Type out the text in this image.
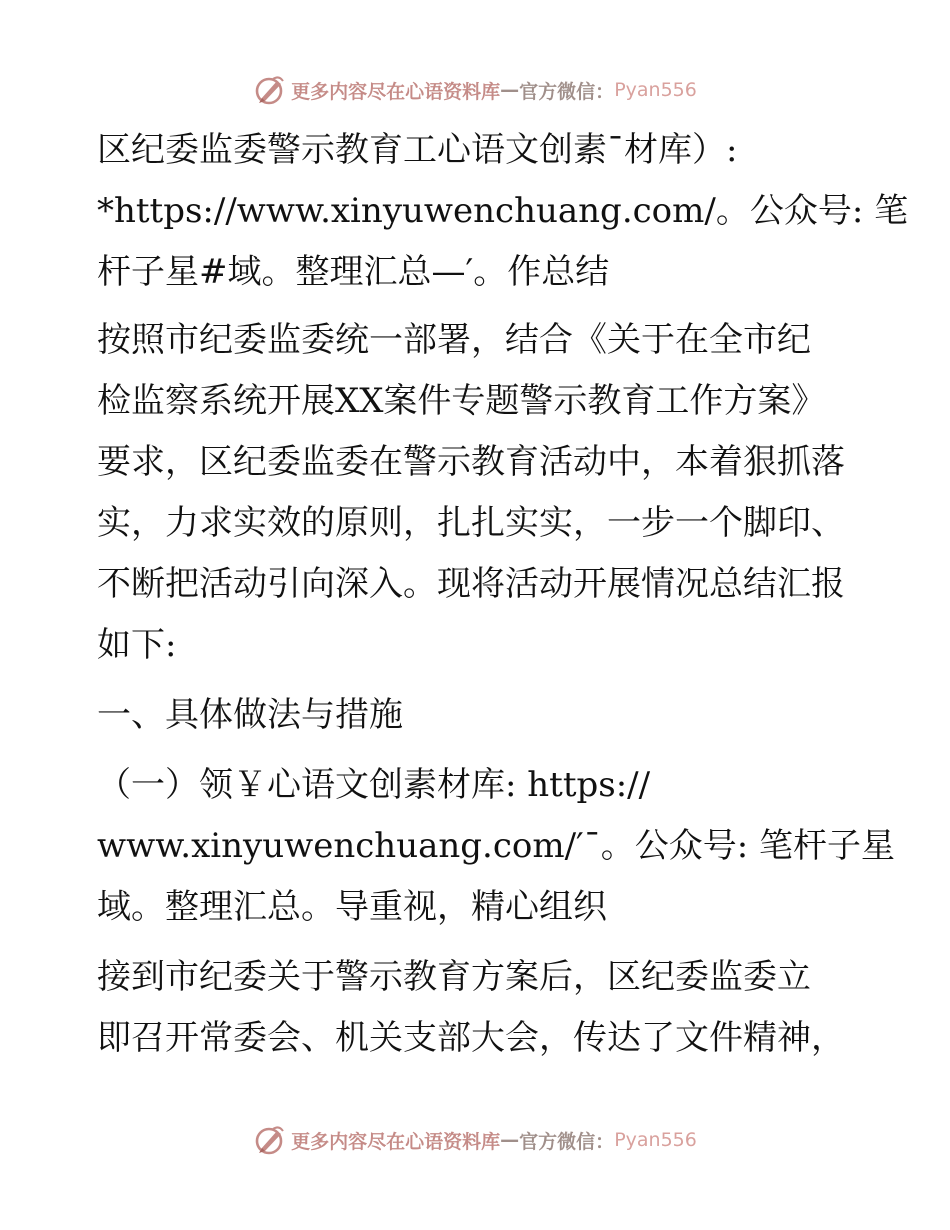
更多内容尽在心语资料库 — 官方微信： Pyan556

区纪委监委警示教育工心语文创素¯材库）:
*https://www.xinyuwenchuang.com/。公众号: 笔
杆子星#域。整理汇总—′。作总结

按照市纪委监委统一部署，结合《关于在全市纪
检监察系统开展XX案件专题警示教育工作方案》
要求，区纪委监委在警示教育活动中，本着狠抓落
实，力求实效的原则，扎扎实实，一步一个脚印、
不断把活动引向深入。现将活动开展情况总结汇报
如下:

一、具体做法与措施

（一）领￥心语文创素材库: https://
www.xinyuwenchuang.com/′¯。公众号: 笔杆子星
域。整理汇总。导重视，精心组织

接到市纪委关于警示教育方案后，区纪委监委立
即召开常委会、机关支部大会，传达了文件精神，

更多内容尽在心语资料库 — 官方微信： Pyan556
